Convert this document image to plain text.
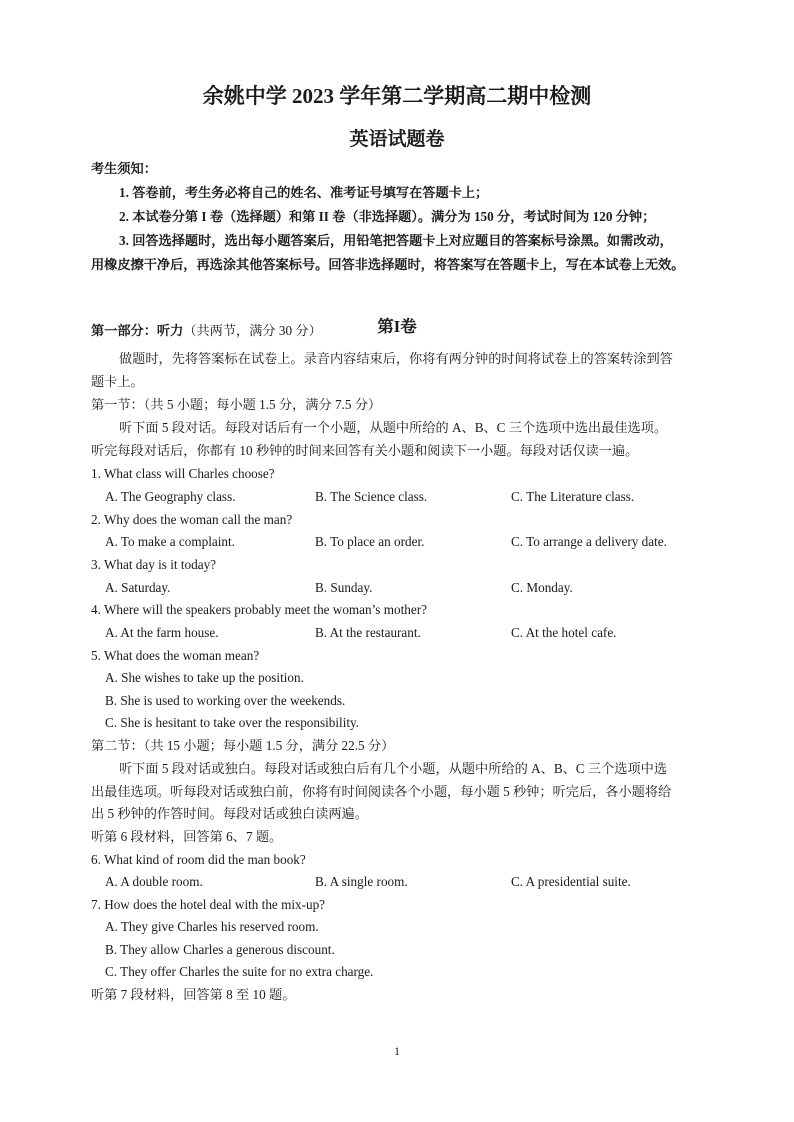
余姚中学 2023 学年第二学期高二期中检测
英语试题卷
考生须知：
1. 答卷前，考生务必将自己的姓名、准考证号填写在答题卡上；
2. 本试卷分第 I 卷（选择题）和第 II 卷（非选择题）。满分为 150 分，考试时间为 120 分钟；
3. 回答选择题时，选出每小题答案后，用铅笔把答题卡上对应题目的答案标号涂黑。如需改动，
用橡皮擦干净后，再选涂其他答案标号。回答非选择题时，将答案写在答题卡上，写在本试卷上无效。
第I卷
第一部分：听力（共两节，满分 30 分）
做题时，先将答案标在试卷上。录音内容结束后，你将有两分钟的时间将试卷上的答案转涂到答
题卡上。
第一节：（共 5 小题；每小题 1.5 分，满分 7.5 分）
听下面 5 段对话。每段对话后有一个小题，从题中所给的 A、B、C 三个选项中选出最佳选项。
听完每段对话后，你都有 10 秒钟的时间来回答有关小题和阅读下一小题。每段对话仅读一遍。
1. What class will Charles choose?
A. The Geography class.	B. The Science class.	C. The Literature class.
2. Why does the woman call the man?
A. To make a complaint.	B. To place an order.	C. To arrange a delivery date.
3. What day is it today?
A. Saturday.	B. Sunday.	C. Monday.
4. Where will the speakers probably meet the woman’s mother?
A. At the farm house.	B. At the restaurant.	C. At the hotel cafe.
5. What does the woman mean?
A. She wishes to take up the position.
B. She is used to working over the weekends.
C. She is hesitant to take over the responsibility.
第二节：（共 15 小题；每小题 1.5 分，满分 22.5 分）
听下面 5 段对话或独白。每段对话或独白后有几个小题，从题中所给的 A、B、C 三个选项中选
出最佳选项。听每段对话或独白前，你将有时间阅读各个小题，每小题 5 秒钟；听完后，各小题将给
出 5 秒钟的作答时间。每段对话或独白读两遍。
听第 6 段材料，回答第 6、7 题。
6. What kind of room did the man book?
A. A double room.	B. A single room.	C. A presidential suite.
7. How does the hotel deal with the mix-up?
A. They give Charles his reserved room.
B. They allow Charles a generous discount.
C. They offer Charles the suite for no extra charge.
听第 7 段材料，回答第 8 至 10 题。
1
